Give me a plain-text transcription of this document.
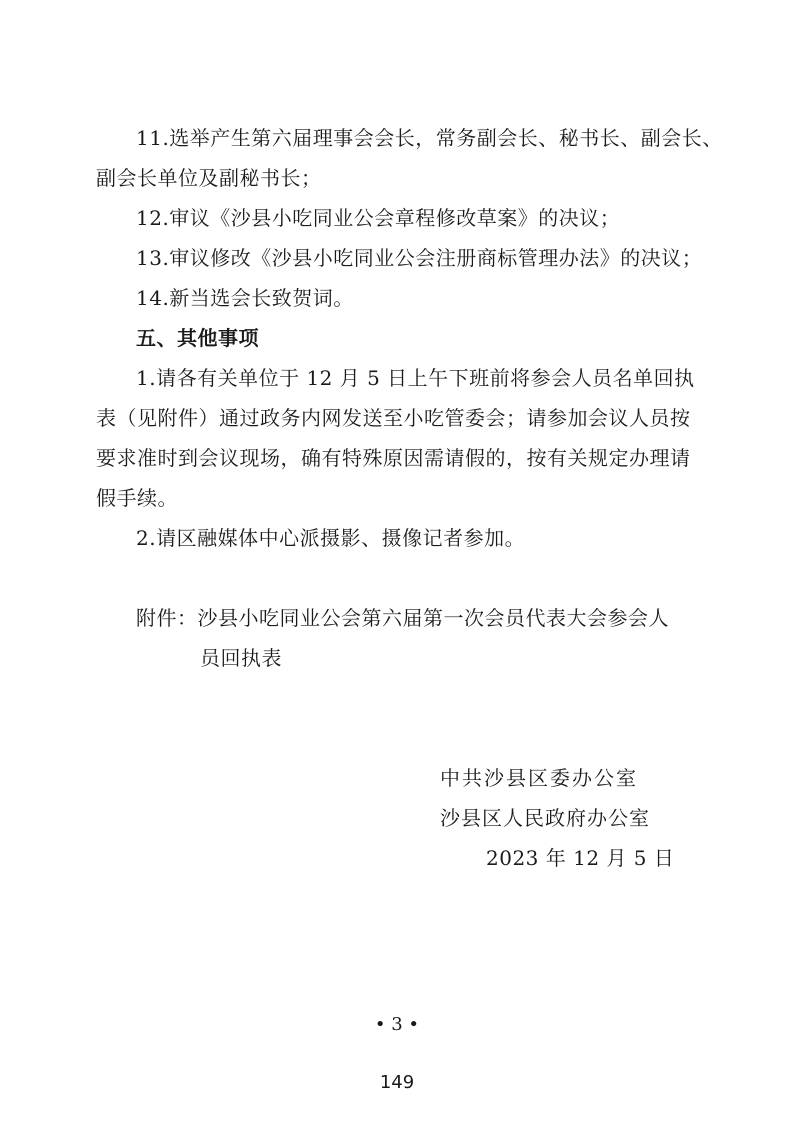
11.选举产生第六届理事会会长，常务副会长、秘书长、副会长、
副会长单位及副秘书长；
12.审议《沙县小吃同业公会章程修改草案》的决议；
13.审议修改《沙县小吃同业公会注册商标管理办法》的决议；
14.新当选会长致贺词。
五、其他事项
1.请各有关单位于 12 月 5 日上午下班前将参会人员名单回执
表（见附件）通过政务内网发送至小吃管委会；请参加会议人员按
要求准时到会议现场，确有特殊原因需请假的，按有关规定办理请
假手续。
2.请区融媒体中心派摄影、摄像记者参加。
附件：沙县小吃同业公会第六届第一次会员代表大会参会人
员回执表
中共沙县区委办公室
沙县区人民政府办公室
2023 年 12 月 5 日
• 3 •
149
